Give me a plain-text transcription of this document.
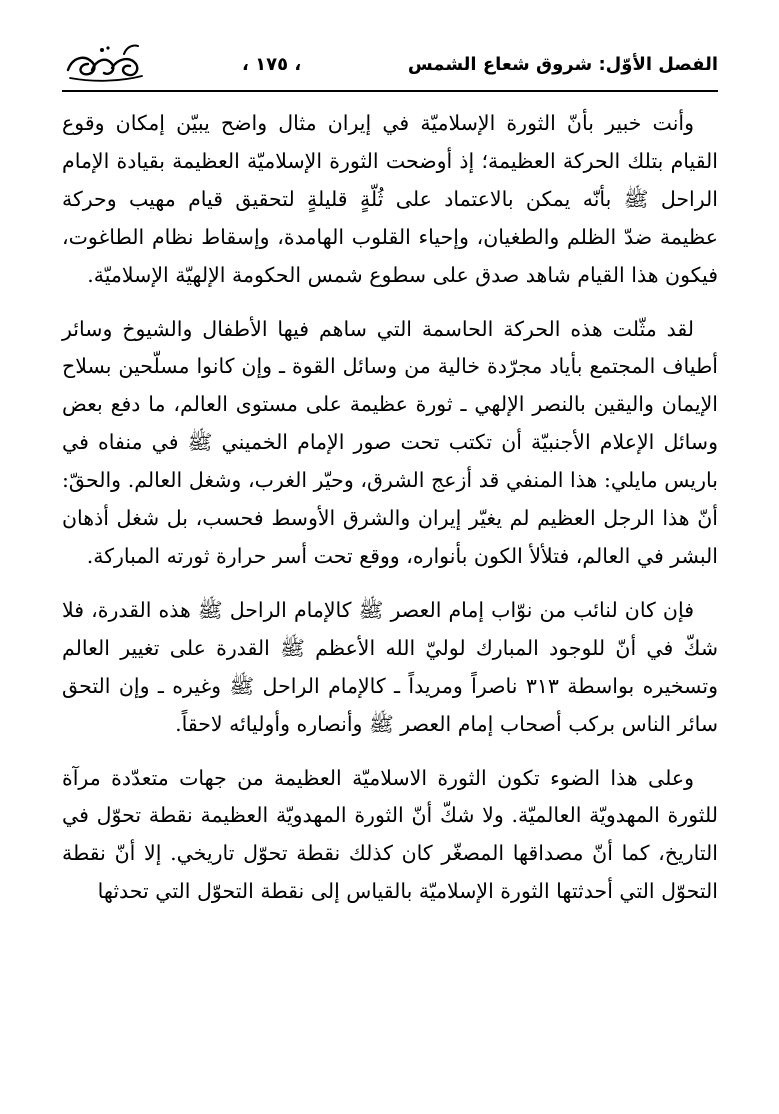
، ١٧٥ ،	الفصل الأوّل: شروق شعاع الشمس

وأنت خبير بأنّ الثورة الإسلاميّة في إيران مثال واضح يبيّن إمكان وقوع القيام بتلك الحركة العظيمة؛ إذ أوضحت الثورة الإسلاميّة العظيمة بقيادة الإمام الراحل ﷺ بأنّه يمكن بالاعتماد على ثُلّةٍ قليلةٍ لتحقيق قيام مهيب وحركة عظيمة ضدّ الظلم والطغيان، وإحياء القلوب الهامدة، وإسقاط نظام الطاغوت، فيكون هذا القيام شاهد صدق على سطوع شمس الحكومة الإلهيّة الإسلاميّة.

لقد مثّلت هذه الحركة الحاسمة التي ساهم فيها الأطفال والشيوخ وسائر أطياف المجتمع بأياد مجرّدة خالية من وسائل القوة ـ وإن كانوا مسلّحين بسلاح الإيمان واليقين بالنصر الإلهي ـ ثورة عظيمة على مستوى العالم، ما دفع بعض وسائل الإعلام الأجنبيّة أن تكتب تحت صور الإمام الخميني ﷺ في منفاه في باريس مايلي: هذا المنفي قد أزعج الشرق، وحيّر الغرب، وشغل العالم. والحقّ: أنّ هذا الرجل العظيم لم يغيّر إيران والشرق الأوسط فحسب، بل شغل أذهان البشر في العالم، فتلألأ الكون بأنواره، ووقع تحت أسر حرارة ثورته المباركة.

فإن كان لنائب من نوّاب إمام العصر ﷺ كالإمام الراحل ﷺ هذه القدرة، فلا شكّ في أنّ للوجود المبارك لوليّ الله الأعظم ﷺ القدرة على تغيير العالم وتسخيره بواسطة ٣١٣ ناصراً ومريداً ـ كالإمام الراحل ﷺ وغيره ـ وإن التحق سائر الناس بركب أصحاب إمام العصر ﷺ وأنصاره وأوليائه لاحقاً.

وعلى هذا الضوء تكون الثورة الاسلاميّة العظيمة من جهات متعدّدة مرآة للثورة المهدويّة العالميّة. ولا شكّ أنّ الثورة المهدويّة العظيمة نقطة تحوّل في التاريخ، كما أنّ مصداقها المصغّر كان كذلك نقطة تحوّل تاريخي. إلا أنّ نقطة التحوّل التي أحدثتها الثورة الإسلاميّة بالقياس إلى نقطة التحوّل التي تحدثها
